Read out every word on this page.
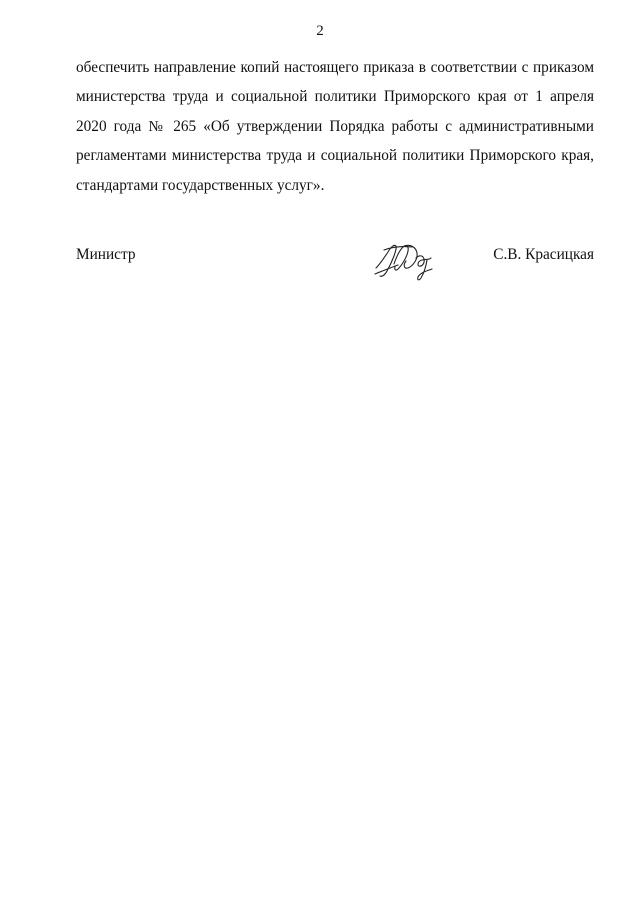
2

обеспечить направление копий настоящего приказа в соответствии с приказом министерства труда и социальной политики Приморского края от 1 апреля 2020 года № 265 «Об утверждении Порядка работы с административными регламентами министерства труда и социальной политики Приморского края, стандартами государственных услуг».

Министр	С.В. Красицкая
